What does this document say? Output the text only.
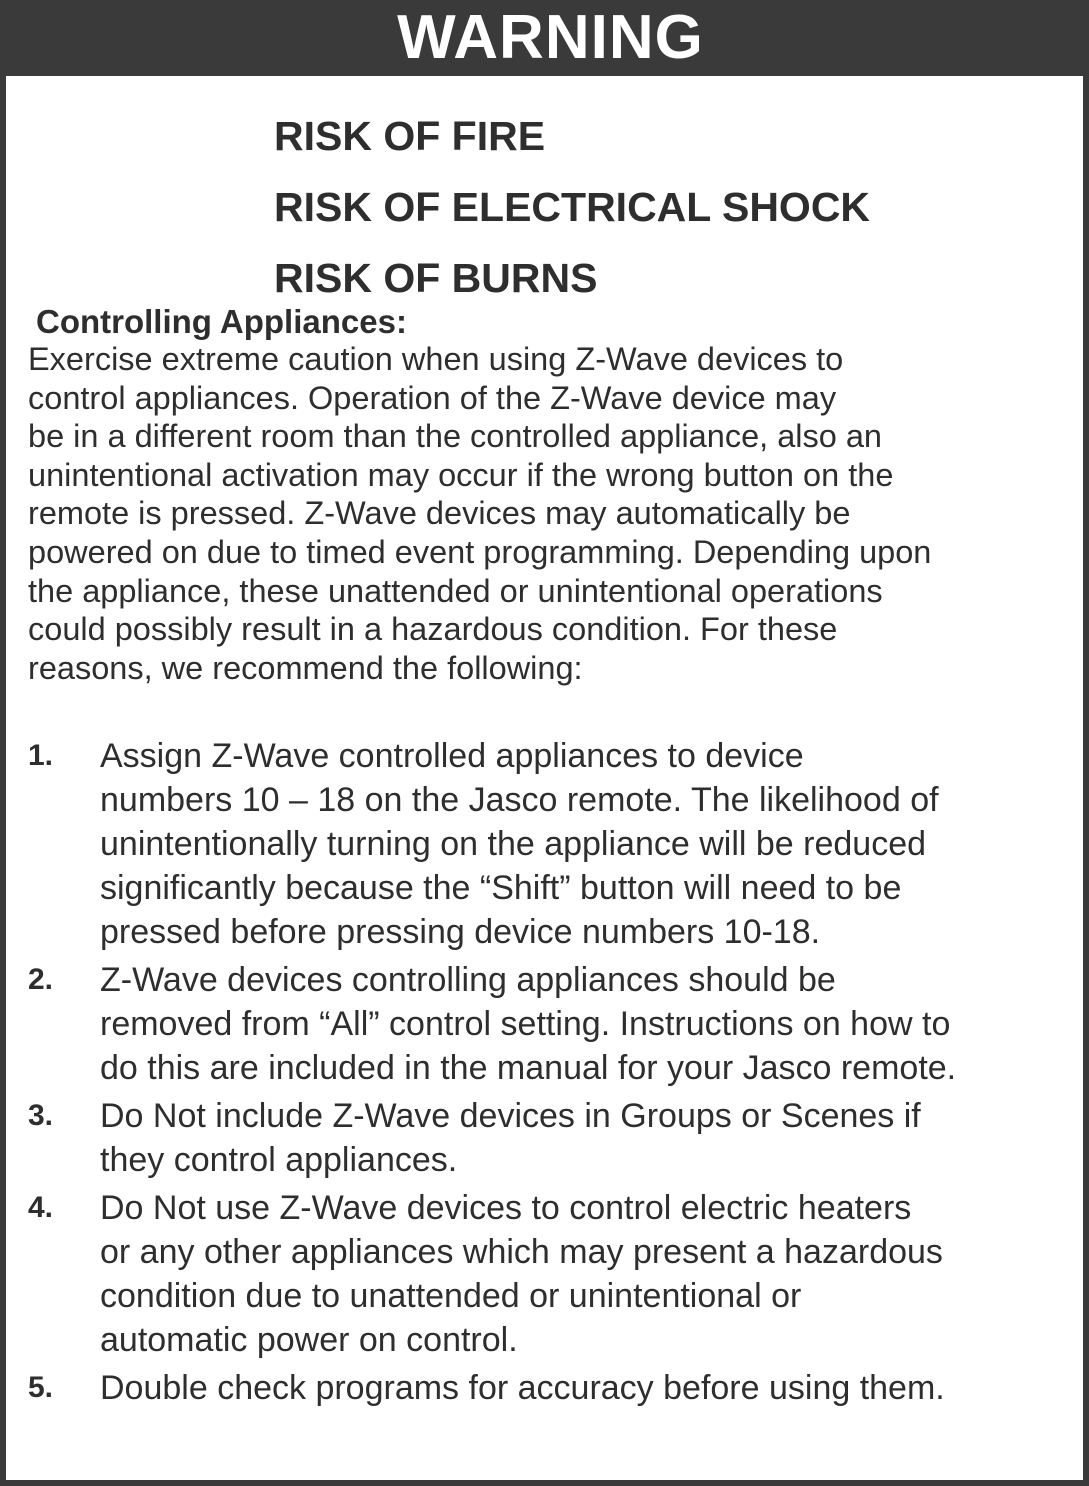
WARNING
RISK OF FIRE
RISK OF ELECTRICAL SHOCK
RISK OF BURNS
Controlling Appliances:
Exercise extreme caution when using Z-Wave devices to
control appliances. Operation of the Z-Wave device may
be in a different room than the controlled appliance, also an
unintentional activation may occur if the wrong button on the
remote is pressed. Z-Wave devices may automatically be
powered on due to timed event programming. Depending upon
the appliance, these unattended or unintentional operations
could possibly result in a hazardous condition. For these
reasons, we recommend the following:
1. Assign Z-Wave controlled appliances to device
numbers 10 – 18 on the Jasco remote. The likelihood of
unintentionally turning on the appliance will be reduced
significantly because the “Shift” button will need to be
pressed before pressing device numbers 10-18.
2. Z-Wave devices controlling appliances should be
removed from “All” control setting. Instructions on how to
do this are included in the manual for your Jasco remote.
3. Do Not include Z-Wave devices in Groups or Scenes if
they control appliances.
4. Do Not use Z-Wave devices to control electric heaters
or any other appliances which may present a hazardous
condition due to unattended or unintentional or
automatic power on control.
5. Double check programs for accuracy before using them.
